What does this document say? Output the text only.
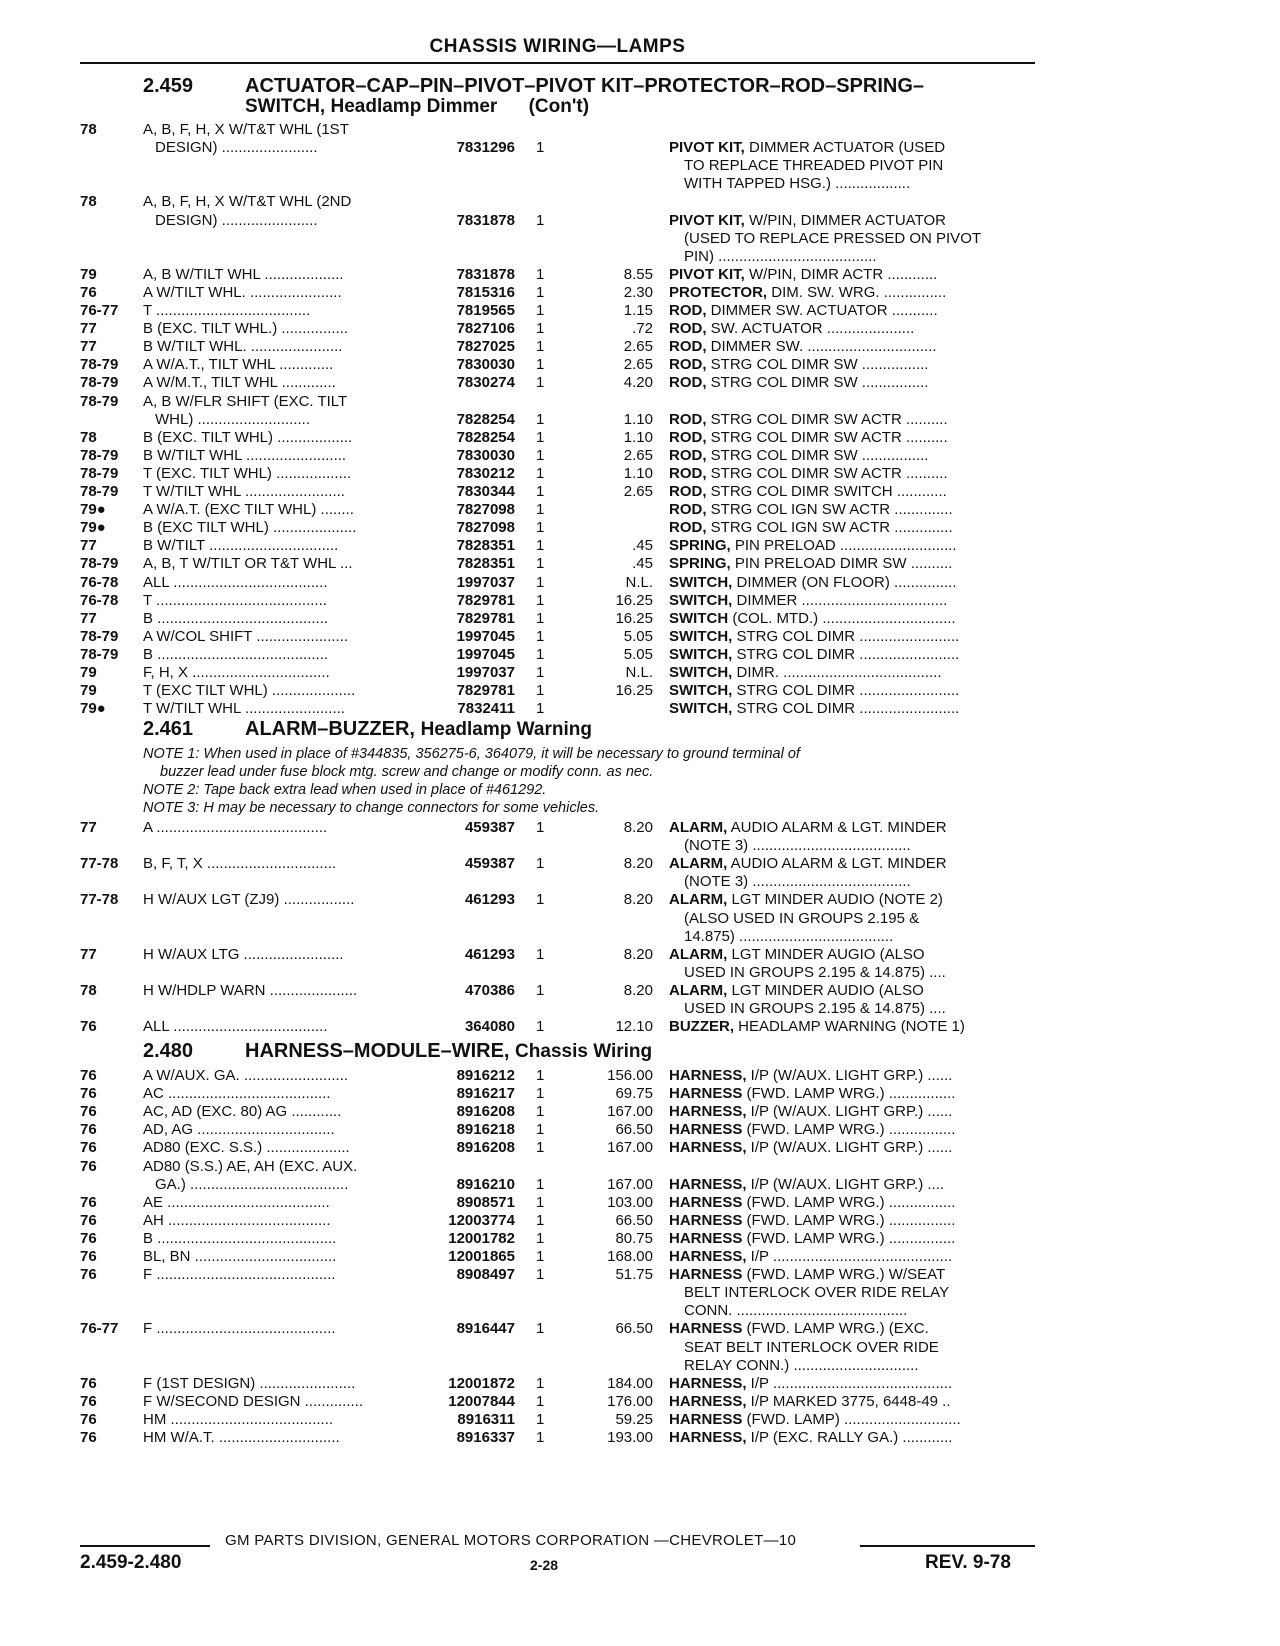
CHASSIS WIRING—LAMPS
2.459	ACTUATOR–CAP–PIN–PIVOT–PIVOT KIT–PROTECTOR–ROD–SPRING–
SWITCH, Headlamp Dimmer (Con't)
78	A, B, F, H, X W/T&T WHL (1ST
DESIGN) .......................	7831296 1	PIVOT KIT, DIMMER ACTUATOR (USED
TO REPLACE THREADED PIVOT PIN
WITH TAPPED HSG.) ..................
78	A, B, F, H, X W/T&T WHL (2ND
DESIGN) .......................	7831878 1	PIVOT KIT, W/PIN, DIMMER ACTUATOR
(USED TO REPLACE PRESSED ON PIVOT
PIN) ......................................
79	A, B W/TILT WHL ...................	7831878 1	8.55 PIVOT KIT, W/PIN, DIMR ACTR ............
76	A W/TILT WHL. ......................	7815316 1	2.30 PROTECTOR, DIM. SW. WRG. ...............
76-77	T .....................................	7819565 1	1.15 ROD, DIMMER SW. ACTUATOR ...........
77	B (EXC. TILT WHL.) ................	7827106 1	.72 ROD, SW. ACTUATOR .....................
77	B W/TILT WHL. ......................	7827025 1	2.65 ROD, DIMMER SW. ...............................
78-79	A W/A.T., TILT WHL .............	7830030 1	2.65 ROD, STRG COL DIMR SW ................
78-79	A W/M.T., TILT WHL .............	7830274 1	4.20 ROD, STRG COL DIMR SW ................
78-79	A, B W/FLR SHIFT (EXC. TILT
WHL) ...........................	7828254 1	1.10 ROD, STRG COL DIMR SW ACTR ..........
78	B (EXC. TILT WHL) ..................	7828254 1	1.10 ROD, STRG COL DIMR SW ACTR ..........
78-79	B W/TILT WHL ........................	7830030 1	2.65 ROD, STRG COL DIMR SW ................
78-79	T (EXC. TILT WHL) ..................	7830212 1	1.10 ROD, STRG COL DIMR SW ACTR ..........
78-79	T W/TILT WHL ........................	7830344 1	2.65 ROD, STRG COL DIMR SWITCH ............
79●	A W/A.T. (EXC TILT WHL) ........	7827098 1	ROD, STRG COL IGN SW ACTR ..............
79●	B (EXC TILT WHL) ....................	7827098 1	ROD, STRG COL IGN SW ACTR ..............
77	B W/TILT ...............................	7828351 1	.45 SPRING, PIN PRELOAD ............................
78-79	A, B, T W/TILT OR T&T WHL ...	7828351 1	.45 SPRING, PIN PRELOAD DIMR SW ..........
76-78	ALL .....................................	1997037 1	N.L. SWITCH, DIMMER (ON FLOOR) ...............
76-78	T .........................................	7829781 1	16.25 SWITCH, DIMMER ...................................
77	B .........................................	7829781 1	16.25 SWITCH (COL. MTD.) ................................
78-79	A W/COL SHIFT ......................	1997045 1	5.05 SWITCH, STRG COL DIMR ........................
78-79	B .........................................	1997045 1	5.05 SWITCH, STRG COL DIMR ........................
79	F, H, X .................................	1997037 1	N.L. SWITCH, DIMR. ......................................
79	T (EXC TILT WHL) ....................	7829781 1	16.25 SWITCH, STRG COL DIMR ........................
79●	T W/TILT WHL ........................	7832411 1	SWITCH, STRG COL DIMR ........................
2.461	ALARM–BUZZER, Headlamp Warning
NOTE 1: When used in place of #344835, 356275-6, 364079, it will be necessary to ground terminal of
buzzer lead under fuse block mtg. screw and change or modify conn. as nec.
NOTE 2: Tape back extra lead when used in place of #461292.
NOTE 3: H may be necessary to change connectors for some vehicles.
77	A .........................................	459387 1	8.20 ALARM, AUDIO ALARM & LGT. MINDER
(NOTE 3) ......................................
77-78	B, F, T, X ...............................	459387 1	8.20 ALARM, AUDIO ALARM & LGT. MINDER
(NOTE 3) ......................................
77-78	H W/AUX LGT (ZJ9) .................	461293 1	8.20 ALARM, LGT MINDER AUDIO (NOTE 2)
(ALSO USED IN GROUPS 2.195 &
14.875) .....................................
77	H W/AUX LTG ........................	461293 1	8.20 ALARM, LGT MINDER AUGIO (ALSO
USED IN GROUPS 2.195 & 14.875) ....
78	H W/HDLP WARN .....................	470386 1	8.20 ALARM, LGT MINDER AUDIO (ALSO
USED IN GROUPS 2.195 & 14.875) ....
76	ALL .....................................	364080 1	12.10 BUZZER, HEADLAMP WARNING (NOTE 1)
2.480	HARNESS–MODULE–WIRE, Chassis Wiring
76	A W/AUX. GA. .........................	8916212 1	156.00 HARNESS, I/P (W/AUX. LIGHT GRP.) ......
76	AC .......................................	8916217 1	69.75 HARNESS (FWD. LAMP WRG.) ................
76	AC, AD (EXC. 80) AG ............	8916208 1	167.00 HARNESS, I/P (W/AUX. LIGHT GRP.) ......
76	AD, AG .................................	8916218 1	66.50 HARNESS (FWD. LAMP WRG.) ................
76	AD80 (EXC. S.S.) ....................	8916208 1	167.00 HARNESS, I/P (W/AUX. LIGHT GRP.) ......
76	AD80 (S.S.) AE, AH (EXC. AUX.
GA.) ......................................	8916210 1	167.00 HARNESS, I/P (W/AUX. LIGHT GRP.) ....
76	AE .......................................	8908571 1	103.00 HARNESS (FWD. LAMP WRG.) ................
76	AH .......................................	12003774 1	66.50 HARNESS (FWD. LAMP WRG.) ................
76	B ...........................................	12001782 1	80.75 HARNESS (FWD. LAMP WRG.) ................
76	BL, BN ..................................	12001865 1	168.00 HARNESS, I/P ...........................................
76	F ...........................................	8908497 1	51.75 HARNESS (FWD. LAMP WRG.) W/SEAT
BELT INTERLOCK OVER RIDE RELAY
CONN. .........................................
76-77	F ...........................................	8916447 1	66.50 HARNESS (FWD. LAMP WRG.) (EXC.
SEAT BELT INTERLOCK OVER RIDE
RELAY CONN.) ..............................
76	F (1ST DESIGN) .......................	12001872 1	184.00 HARNESS, I/P ...........................................
76	F W/SECOND DESIGN ..............	12007844 1	176.00 HARNESS, I/P MARKED 3775, 6448-49 ..
76	HM .......................................	8916311 1	59.25 HARNESS (FWD. LAMP) ............................
76	HM W/A.T. .............................	8916337 1	193.00 HARNESS, I/P (EXC. RALLY GA.) ............
GM PARTS DIVISION, GENERAL MOTORS CORPORATION —CHEVROLET—10
2.459-2.480	2-28	REV. 9-78
